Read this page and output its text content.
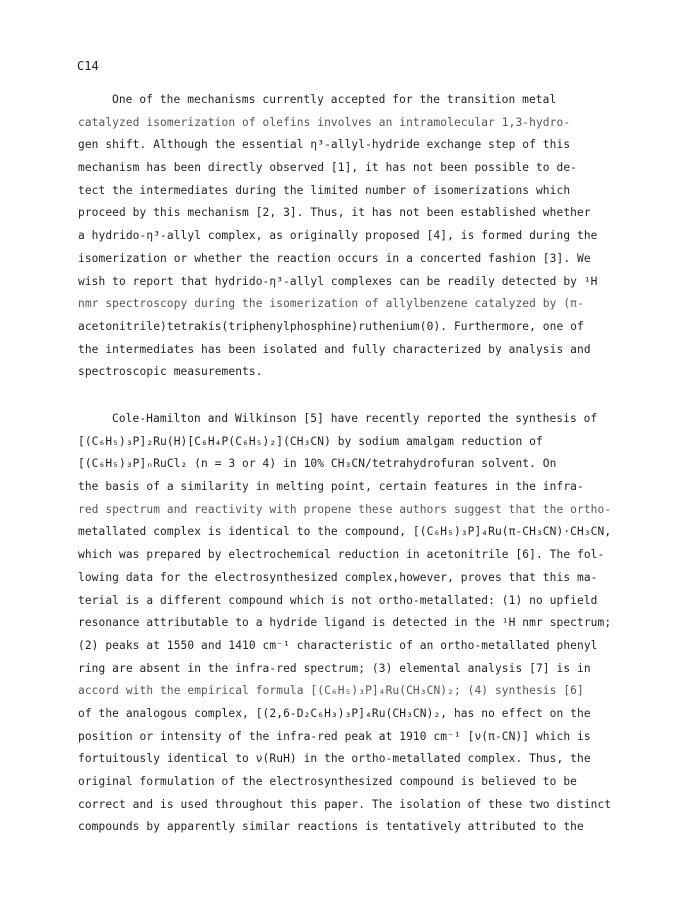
C14
One of the mechanisms currently accepted for the transition metal
catalyzed isomerization of olefins involves an intramolecular 1,3-hydro-
gen shift. Although the essential η³-allyl-hydride exchange step of this
mechanism has been directly observed [1], it has not been possible to de-
tect the intermediates during the limited number of isomerizations which
proceed by this mechanism [2, 3]. Thus, it has not been established whether
a hydrido-η³-allyl complex, as originally proposed [4], is formed during the
isomerization or whether the reaction occurs in a concerted fashion [3]. We
wish to report that hydrido-η³-allyl complexes can be readily detected by ¹H
nmr spectroscopy during the isomerization of allylbenzene catalyzed by (π-
acetonitrile)tetrakis(triphenylphosphine)ruthenium(0). Furthermore, one of
the intermediates has been isolated and fully characterized by analysis and
spectroscopic measurements.
Cole-Hamilton and Wilkinson [5] have recently reported the synthesis of
[(C₆H₅)₃P]₂Ru(H)[C₆H₄P(C₆H₅)₂](CH₃CN) by sodium amalgam reduction of
[(C₆H₅)₃P]ₙRuCl₂ (n = 3 or 4) in 10% CH₃CN/tetrahydrofuran solvent. On
the basis of a similarity in melting point, certain features in the infra-
red spectrum and reactivity with propene these authors suggest that the ortho-
metallated complex is identical to the compound, [(C₆H₅)₃P]₄Ru(π-CH₃CN)·CH₃CN,
which was prepared by electrochemical reduction in acetonitrile [6]. The fol-
lowing data for the electrosynthesized complex,however, proves that this ma-
terial is a different compound which is not ortho-metallated: (1) no upfield
resonance attributable to a hydride ligand is detected in the ¹H nmr spectrum;
(2) peaks at 1550 and 1410 cm⁻¹ characteristic of an ortho-metallated phenyl
ring are absent in the infra-red spectrum; (3) elemental analysis [7] is in
accord with the empirical formula [(C₆H₅)₃P]₄Ru(CH₃CN)₂; (4) synthesis [6]
of the analogous complex, [(2,6-D₂C₆H₃)₃P]₄Ru(CH₃CN)₂, has no effect on the
position or intensity of the infra-red peak at 1910 cm⁻¹ [ν(π-CN)] which is
fortuitously identical to ν(RuH) in the ortho-metallated complex. Thus, the
original formulation of the electrosynthesized compound is believed to be
correct and is used throughout this paper. The isolation of these two distinct
compounds by apparently similar reactions is tentatively attributed to the
